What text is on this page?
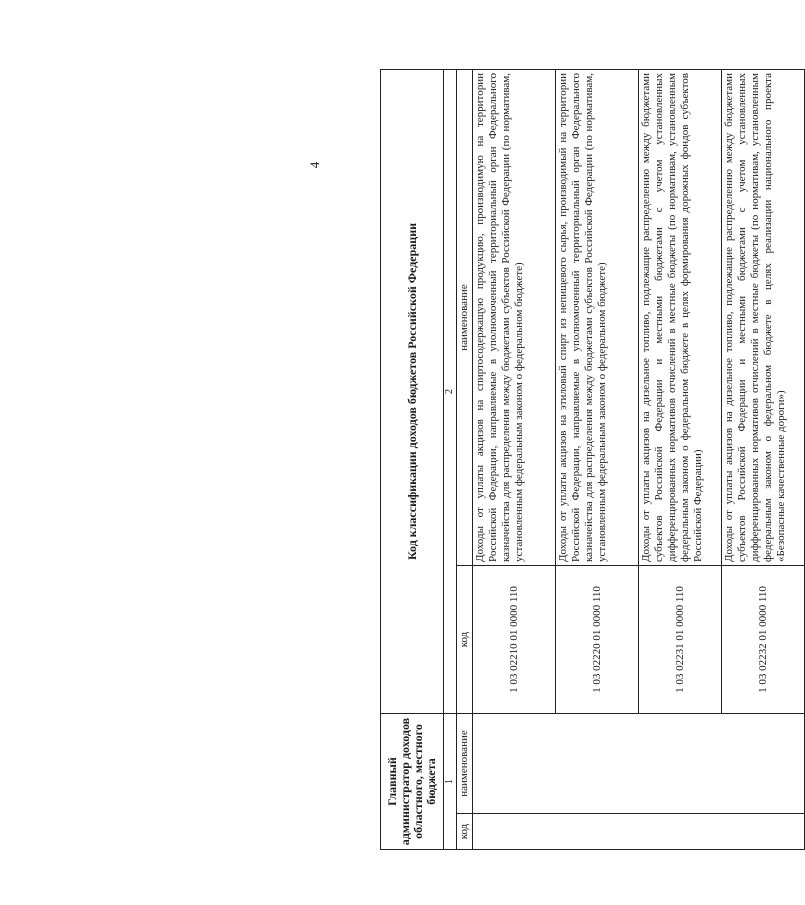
4
Главный администратор доходов областного, местного бюджета		Код классификации доходов бюджетов Российской Федерации	
1		2	
код	наименование	код	наименование
		1 03 02210 01 0000 110	Доходы от уплаты акцизов на спиртосодержащую продукцию, производимую на территории Российской Федерации, направляемые в уполномоченный территориальный орган Федерального казначейства для распределения между бюджетами субъектов Российской Федерации (по нормативам, установленным федеральным законом о федеральном бюджете)
		1 03 02220 01 0000 110	Доходы от уплаты акцизов на этиловый спирт из непищевого сырья, производимый на территории Российской Федерации, направляемые в уполномоченный территориальный орган Федерального казначейства для распределения между бюджетами субъектов Российской Федерации (по нормативам, установленным федеральным законом о федеральном бюджете)
		1 03 02231 01 0000 110	Доходы от уплаты акцизов на дизельное топливо, подлежащие распределению между бюджетами субъектов Российской Федерации и местными бюджетами с учетом установленных дифференцированных нормативов отчислений в местные бюджеты (по нормативам, установленным федеральным законом о федеральном бюджете в целях формирования дорожных фондов субъектов Российской Федерации)
		1 03 02232 01 0000 110	Доходы от уплаты акцизов на дизельное топливо, подлежащие распределению между бюджетами субъектов Российской Федерации и местными бюджетами с учетом установленных дифференцированных нормативов отчислений в местные бюджеты (по нормативам, установленным федеральным законом о федеральном бюджете в целях реализации национального проекта «Безопасные качественные дороги»)
